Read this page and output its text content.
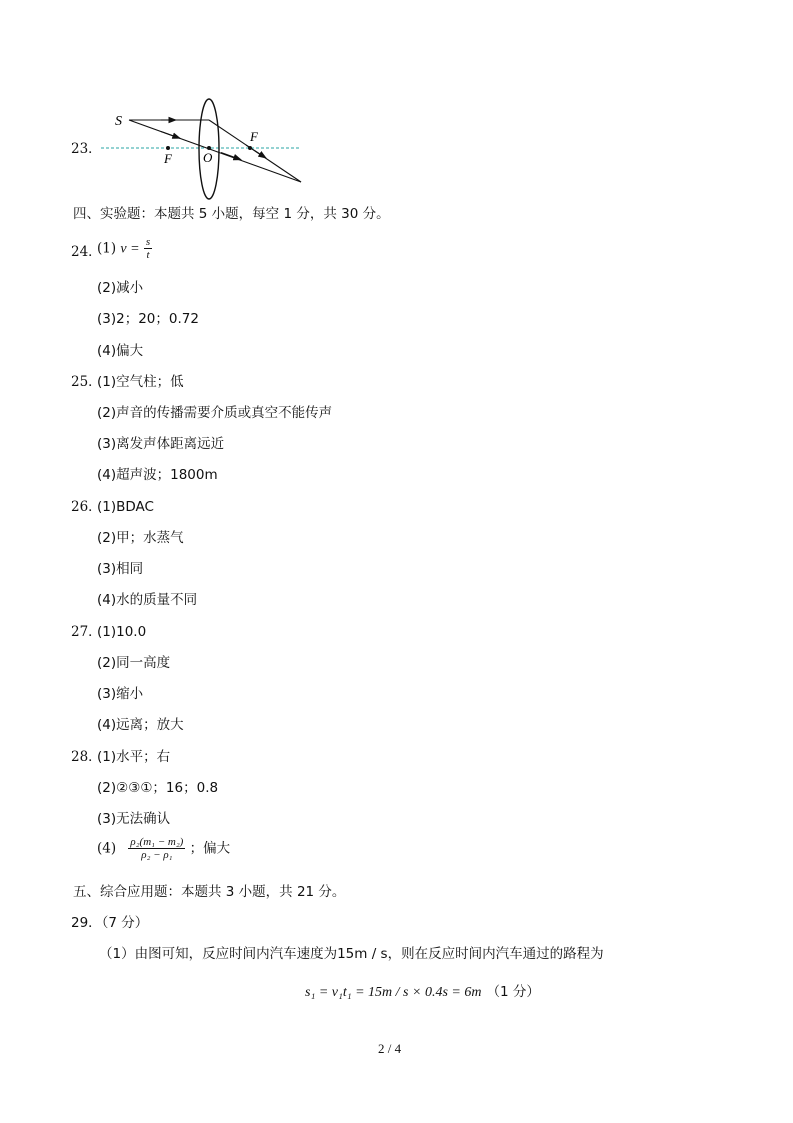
23．
S
F O
F
四、实验题：本题共 5 小题，每空 1 分，共 30 分。
24．
(1) $v = \frac{s}{t}$
(2)减小
(3)2；20；0.72
(4)偏大
25．
(1)空气柱；低
(2)声音的传播需要介质或真空不能传声
(3)离发声体距离远近
(4)超声波；1800m
26．
(1)BDAC
(2)甲；水蒸气
(3)相同
(4)水的质量不同
27．
(1)10.0
(2)同一高度
(3)缩小
(4)远离；放大
28．
(1)水平；右
(2)②③①；16；0.8
(3)无法确认
$(4) \frac{\text{ρ₂(m₁ − m₂)}}{\text{ρ₂ − ρ₁}}$ ；偏大
五、综合应用题：本题共 3 小题，共 21 分。
29．（7 分）
（1）由图可知，反应时间内汽车速度为15m / s，则在反应时间内汽车通过的路程为
s₁ = v₁t₁ = 15m / s × 0.4s = 6m （1 分）
2 / 4
